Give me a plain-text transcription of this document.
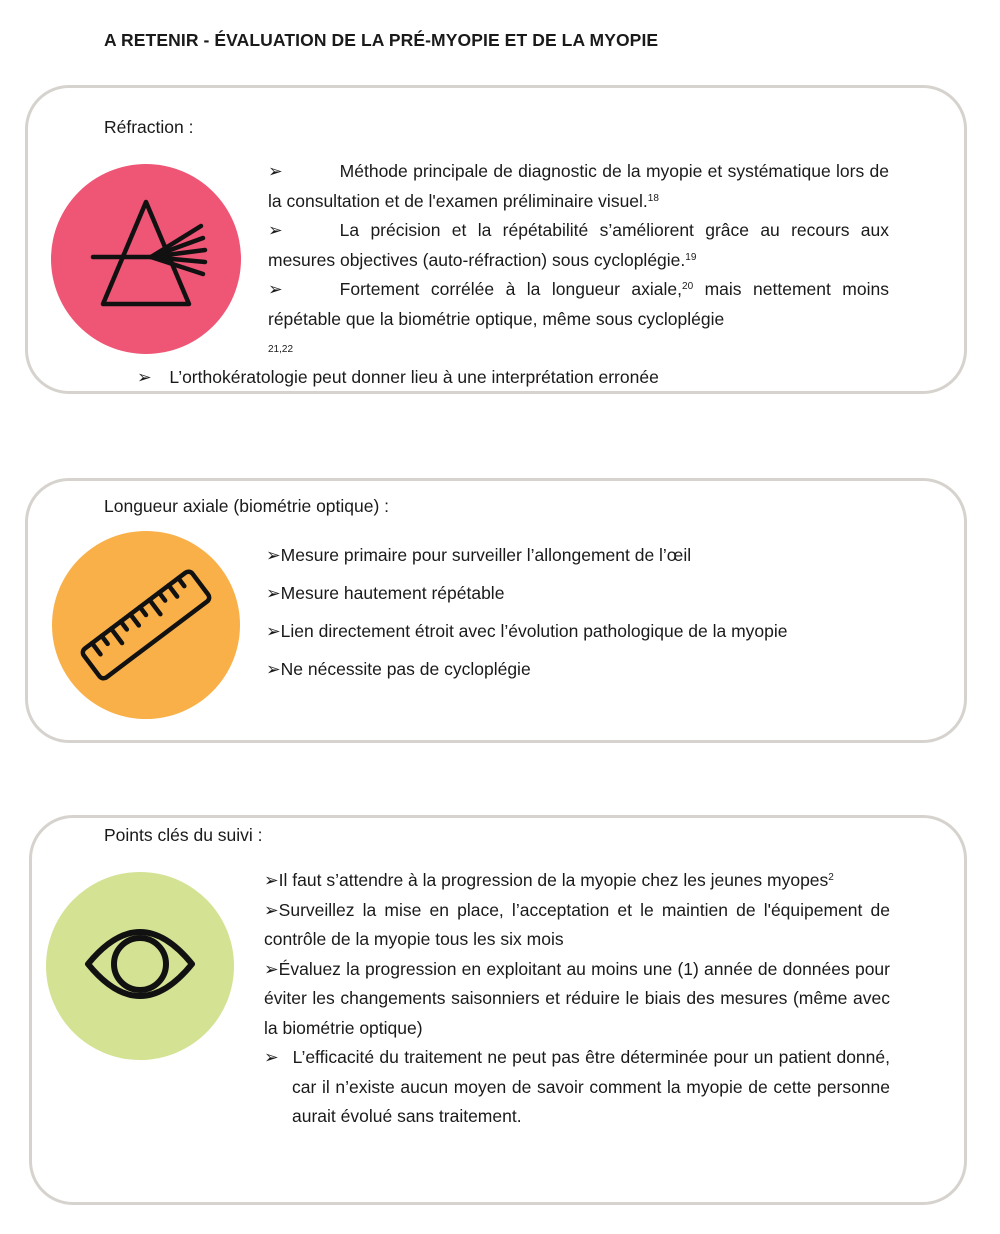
A RETENIR - ÉVALUATION DE LA PRÉ-MYOPIE ET DE LA MYOPIE
Réfraction :

➢	Méthode principale de diagnostic de la myopie et systématique lors de la consultation et de l'examen préliminaire visuel.$^{18}$

➢	La précision et la répétabilité s’améliorent grâce au recours aux mesures objectives (auto-réfraction) sous cycloplégie.$^{19}$

➢	Fortement corrélée à la longueur axiale,$^{20}$ mais nettement moins répétable que la biométrie optique, même sous cycloplégie

21,22

➢ L’orthokératologie peut donner lieu à une interprétation erronée

Longueur axiale (biométrie optique) :

➢Mesure primaire pour surveiller l’allongement de l’œil

➢Mesure hautement répétable

➢Lien directement étroit avec l’évolution pathologique de la myopie

➢Ne nécessite pas de cycloplégie

Points clés du suivi :

➢Il faut s’attendre à la progression de la myopie chez les jeunes myopes$^2$

➢Surveillez la mise en place, l’acceptation et le maintien de l'équipement de contrôle de la myopie tous les six mois

➢Évaluez la progression en exploitant au moins une (1) année de données pour éviter les changements saisonniers et réduire le biais des mesures (même avec la biométrie optique)

➢ L’efficacité du traitement ne peut pas être déterminée pour un patient donné, car il n’existe aucun moyen de savoir comment la myopie de cette personne aurait évolué sans traitement.
